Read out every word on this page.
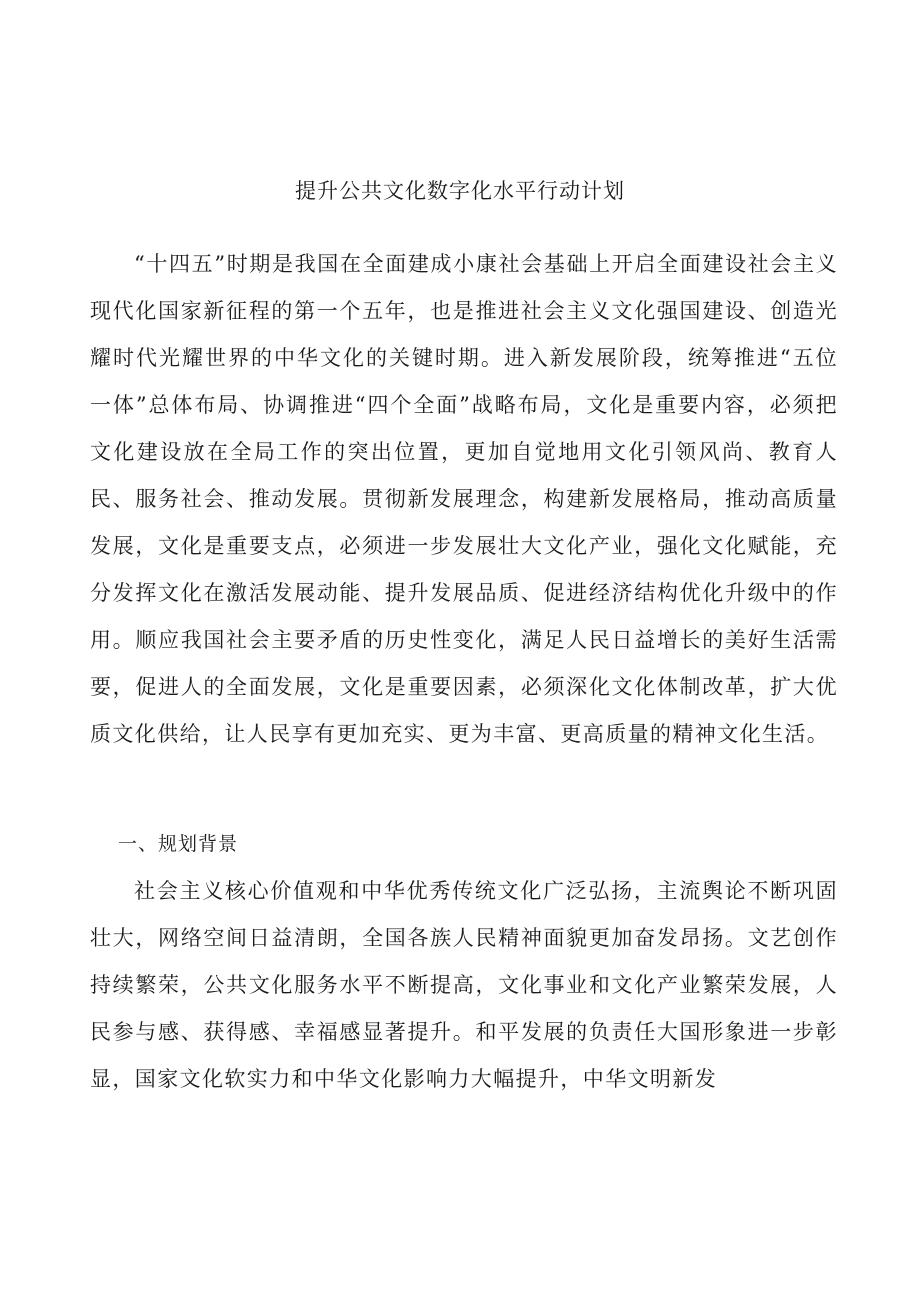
提升公共文化数字化水平行动计划

“十四五”时期是我国在全面建成小康社会基础上开启全面建设社会主义现代化国家新征程的第一个五年，也是推进社会主义文化强国建设、创造光耀时代光耀世界的中华文化的关键时期。进入新发展阶段，统筹推进“五位一体”总体布局、协调推进“四个全面”战略布局，文化是重要内容，必须把文化建设放在全局工作的突出位置，更加自觉地用文化引领风尚、教育人民、服务社会、推动发展。贯彻新发展理念，构建新发展格局，推动高质量发展，文化是重要支点，必须进一步发展壮大文化产业，强化文化赋能，充分发挥文化在激活发展动能、提升发展品质、促进经济结构优化升级中的作用。顺应我国社会主要矛盾的历史性变化，满足人民日益增长的美好生活需要，促进人的全面发展，文化是重要因素，必须深化文化体制改革，扩大优质文化供给，让人民享有更加充实、更为丰富、更高质量的精神文化生活。

一、规划背景

社会主义核心价值观和中华优秀传统文化广泛弘扬，主流舆论不断巩固壮大，网络空间日益清朗，全国各族人民精神面貌更加奋发昂扬。文艺创作持续繁荣，公共文化服务水平不断提高，文化事业和文化产业繁荣发展，人民参与感、获得感、幸福感显著提升。和平发展的负责任大国形象进一步彰显，国家文化软实力和中华文化影响力大幅提升，中华文明新发
